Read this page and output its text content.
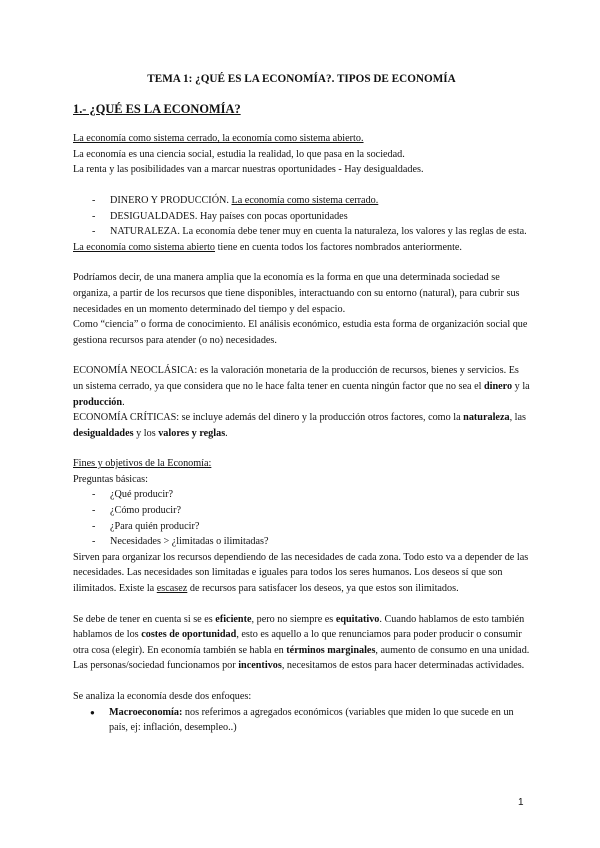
TEMA 1: ¿QUÉ ES LA ECONOMÍA?. TIPOS DE ECONOMÍA
1.- ¿QUÉ ES LA ECONOMÍA?

La economía como sistema cerrado, la economía como sistema abierto.

La economía es una ciencia social, estudia la realidad, lo que pasa en la sociedad.

La renta y las posibilidades van a marcar nuestras oportunidades - Hay desigualdades.

- DINERO Y PRODUCCIÓN. La economía como sistema cerrado.
- DESIGUALDADES. Hay países con pocas oportunidades
- NATURALEZA. La economía debe tener muy en cuenta la naturaleza, los valores y las reglas de esta.

La economía como sistema abierto tiene en cuenta todos los factores nombrados anteriormente.

Podríamos decir, de una manera amplia que la economía es la forma en que una determinada sociedad se organiza, a partir de los recursos que tiene disponibles, interactuando con su entorno (natural), para cubrir sus necesidades en un momento determinado del tiempo y del espacio.

Como “ciencia” o forma de conocimiento. El análisis económico, estudia esta forma de organización social que gestiona recursos para atender (o no) necesidades.

ECONOMÍA NEOCLÁSICA: es la valoración monetaria de la producción de recursos, bienes y servicios. Es un sistema cerrado, ya que considera que no le hace falta tener en cuenta ningún factor que no sea el dinero y la producción.

ECONOMÍA CRÍTICAS: se incluye además del dinero y la producción otros factores, como la naturaleza, las desigualdades y los valores y reglas.

Fines y objetivos de la Economía:

Preguntas básicas:

- ¿Qué producir?
- ¿Cómo producir?
- ¿Para quién producir?
- Necesidades > ¿limitadas o ilimitadas?

Sirven para organizar los recursos dependiendo de las necesidades de cada zona. Todo esto va a depender de las necesidades. Las necesidades son limitadas e iguales para todos los seres humanos. Los deseos sí que son ilimitados. Existe la escasez de recursos para satisfacer los deseos, ya que estos son ilimitados.

Se debe de tener en cuenta si se es eficiente, pero no siempre es equitativo. Cuando hablamos de esto también hablamos de los costes de oportunidad, esto es aquello a lo que renunciamos para poder producir o consumir otra cosa (elegir). En economía también se habla en términos marginales, aumento de consumo en una unidad. Las personas/sociedad funcionamos por incentivos, necesitamos de estos para hacer determinadas actividades.

Se analiza la economía desde dos enfoques:

● Macroeconomía: nos referimos a agregados económicos (variables que miden lo que sucede en un país, ej: inflación, desempleo..)
1
